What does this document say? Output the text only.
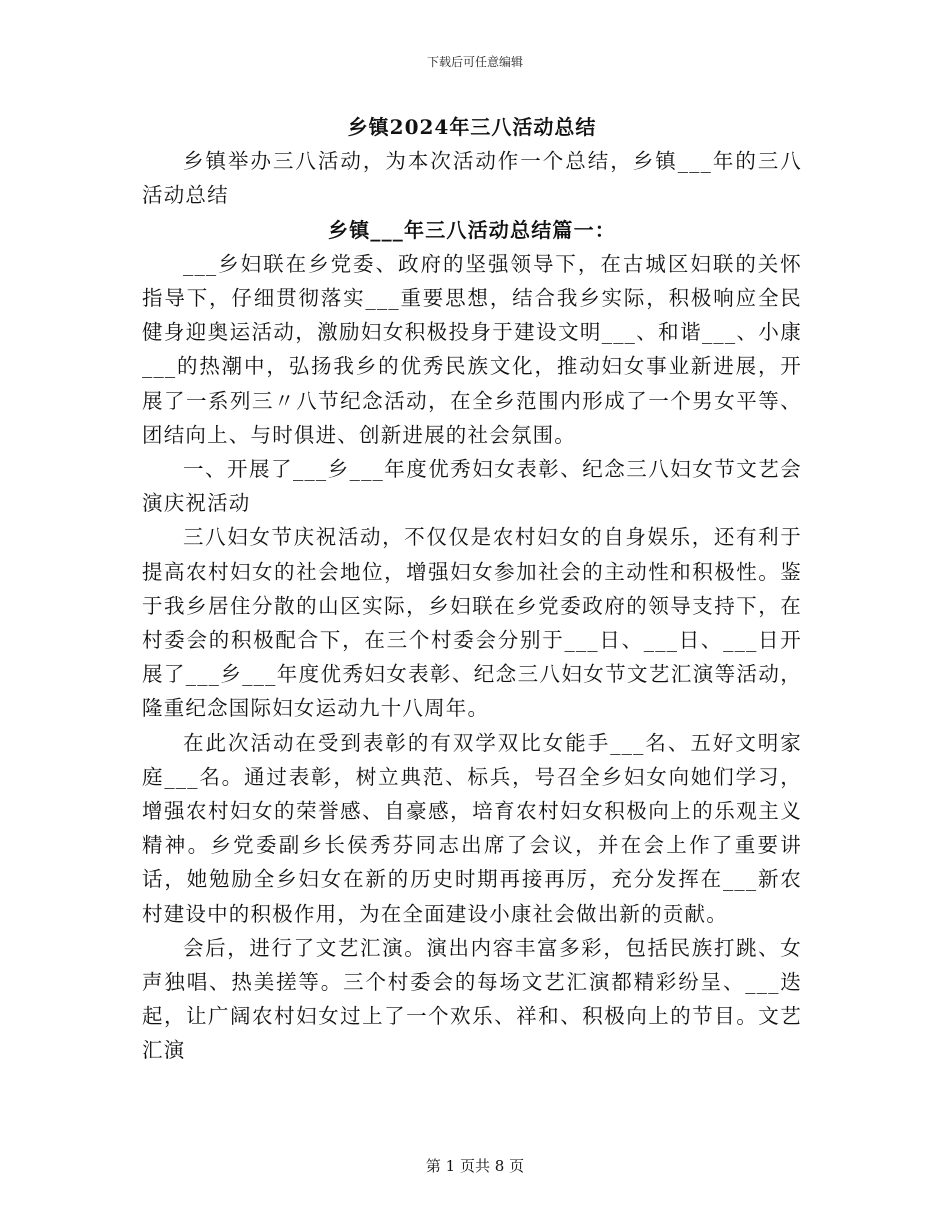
下载后可任意编辑
乡镇2024年三八活动总结

乡镇举办三八活动，为本次活动作一个总结，乡镇___年的三八活动总结

乡镇___年三八活动总结篇一：

___乡妇联在乡党委、政府的坚强领导下，在古城区妇联的关怀指导下，仔细贯彻落实___重要思想，结合我乡实际，积极响应全民健身迎奥运活动，激励妇女积极投身于建设文明___、和谐___、小康___的热潮中，弘扬我乡的优秀民族文化，推动妇女事业新进展，开展了一系列三〃八节纪念活动，在全乡范围内形成了一个男女平等、团结向上、与时俱进、创新进展的社会氛围。

一、开展了___乡___年度优秀妇女表彰、纪念三八妇女节文艺会演庆祝活动

三八妇女节庆祝活动，不仅仅是农村妇女的自身娱乐，还有利于提高农村妇女的社会地位，增强妇女参加社会的主动性和积极性。鉴于我乡居住分散的山区实际，乡妇联在乡党委政府的领导支持下，在村委会的积极配合下，在三个村委会分别于___日、___日、___日开展了___乡___年度优秀妇女表彰、纪念三八妇女节文艺汇演等活动，隆重纪念国际妇女运动九十八周年。

在此次活动在受到表彰的有双学双比女能手___名、五好文明家庭___名。通过表彰，树立典范、标兵，号召全乡妇女向她们学习，增强农村妇女的荣誉感、自豪感，培育农村妇女积极向上的乐观主义精神。乡党委副乡长侯秀芬同志出席了会议，并在会上作了重要讲话，她勉励全乡妇女在新的历史时期再接再厉，充分发挥在___新农村建设中的积极作用，为在全面建设小康社会做出新的贡献。

会后，进行了文艺汇演。演出内容丰富多彩，包括民族打跳、女声独唱、热美搓等。三个村委会的每场文艺汇演都精彩纷呈、___迭起，让广阔农村妇女过上了一个欢乐、祥和、积极向上的节目。文艺汇演

第 1 页共 8 页
